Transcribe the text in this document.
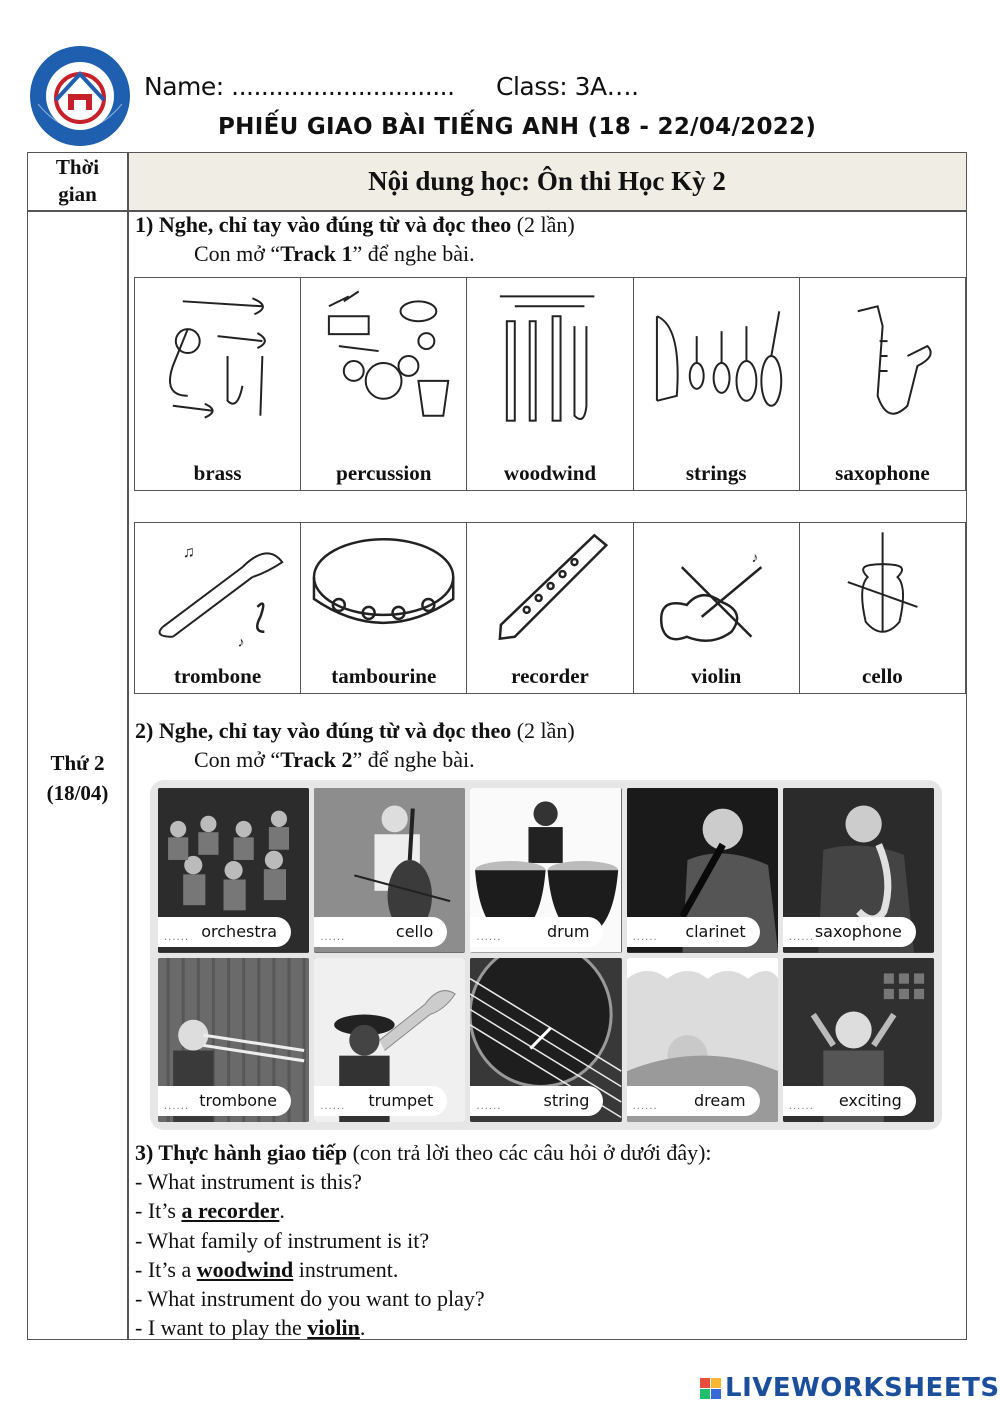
Name: .............................. Class: 3A….
PHIẾU GIAO BÀI TIẾNG ANH (18 - 22/04/2022)
Thời
gian	Nội dung học: Ôn thi Học Kỳ 2
Thứ 2
(18/04)
1) Nghe, chỉ tay vào đúng từ và đọc theo (2 lần)
Con mở “Track 1” để nghe bài.
brass	percussion	woodwind	strings	saxophone
♫
♪
trombone	tambourine	recorder
♪
violin	cello
2) Nghe, chỉ tay vào đúng từ và đọc theo (2 lần)
Con mở “Track 2” để nghe bài.
...... orchestra	......	cello	......	drum	...... clarinet	...... saxophone
...... trombone	...... trumpet	......	string	...... dream	...... exciting
3) Thực hành giao tiếp (con trả lời theo các câu hỏi ở dưới đây):
- What instrument is this?
- It’s a recorder.
- What family of instrument is it?
- It’s a woodwind instrument.
- What instrument do you want to play?
- I want to play the violin.
LIVEWORKSHEETS
